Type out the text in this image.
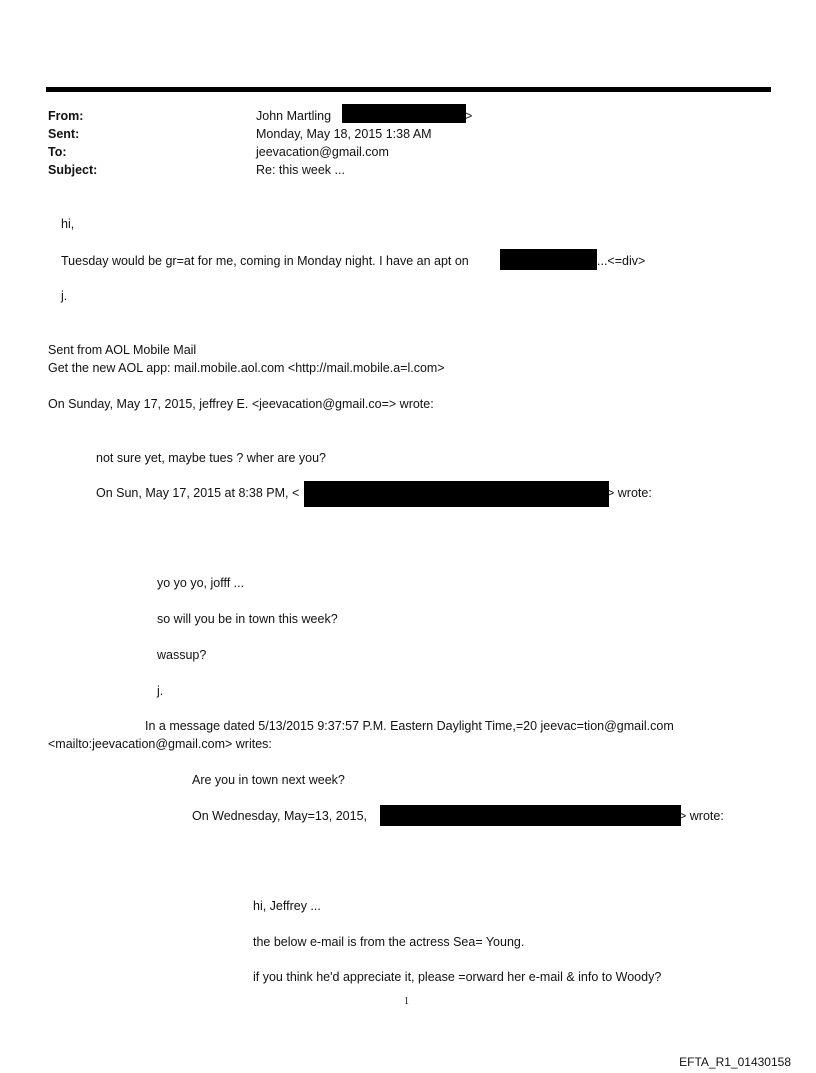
From:	John Martling	>
Sent:	Monday, May 18, 2015 1:38 AM
To:	jeevacation@gmail.com
Subject:	Re: this week ...
hi,
Tuesday would be gr=at for me, coming in Monday night. I have an apt on	...<=div>
j.
Sent from AOL Mobile Mail
Get the new AOL app: mail.mobile.aol.com <http://mail.mobile.a=l.com>
On Sunday, May 17, 2015, jeffrey E. <jeevacation@gmail.co=> wrote:
not sure yet, maybe tues ? wher are you?
On Sun, May 17, 2015 at 8:38 PM, <	> wrote:
yo yo yo, jofff ...
so will you be in town this week?
wassup?
j.
In a message dated 5/13/2015 9:37:57 P.M. Eastern Daylight Time,=20 jeevac=tion@gmail.com
<mailto:jeevacation@gmail.com> writes:
Are you in town next week?
On Wednesday, May=13, 2015,	> wrote:
hi, Jeffrey ...
the below e-mail is from the actress Sea= Young.
if you think he'd appreciate it, please =orward her e-mail & info to Woody?
1
EFTA_R1_01430158
